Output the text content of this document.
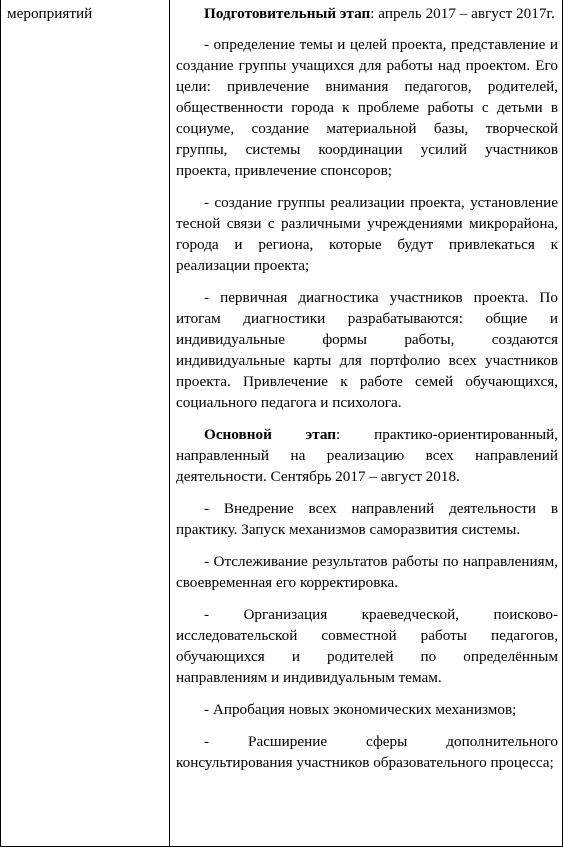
мероприятий	Подготовительный этап: апрель 2017 – август 2017г.

- определение темы и целей проекта, представление и создание группы учащихся для работы над проектом. Его цели: привлечение внимания педагогов, родителей, общественности города к проблеме работы с детьми в социуме, создание материальной базы, творческой группы, системы координации усилий участников проекта, привлечение спонсоров;

- создание группы реализации проекта, установление тесной связи с различными учреждениями микрорайона, города и региона, которые будут привлекаться к реализации проекта;

- первичная диагностика участников проекта. По итогам диагностики разрабатываются: общие и индивидуальные формы работы, создаются индивидуальные карты для портфолио всех участников проекта. Привлечение к работе семей обучающихся, социального педагога и психолога.

Основной этап: практико-ориентированный, направленный на реализацию всех направлений деятельности. Сентябрь 2017 – август 2018.

- Внедрение всех направлений деятельности в практику. Запуск механизмов саморазвития системы.

- Отслеживание результатов работы по направлениям, своевременная его корректировка.

- Организация краеведческой, поисково-исследовательской совместной работы педагогов, обучающихся и родителей по определённым направлениям и индивидуальным темам.

- Апробация новых экономических механизмов;

- Расширение сферы дополнительного консультирования участников образовательного процесса;
